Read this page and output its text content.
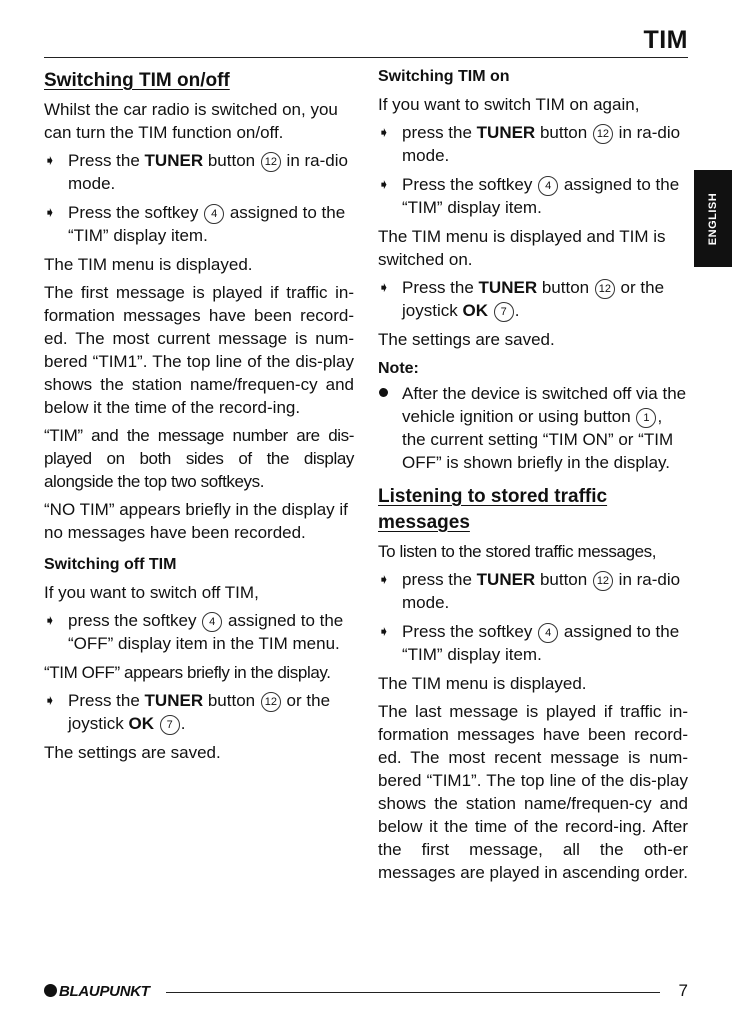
TIM
ENGLISH
Switching TIM on/off

Whilst the car radio is switched on, you can turn the TIM function on/off.

➧ Press the TUNER button 12 in ra-dio mode.
➧ Press the softkey 4 assigned to the “TIM” display item.

The TIM menu is displayed.

The first message is played if traffic in-formation messages have been record-ed. The most current message is num-bered “TIM1”. The top line of the dis-play shows the station name/frequen-cy and below it the time of the record-ing.

“TIM” and the message number are dis-played on both sides of the display alongside the top two softkeys.

“NO TIM” appears briefly in the display if no messages have been recorded.

Switching off TIM

If you want to switch off TIM,

➧ press the softkey 4 assigned to the “OFF” display item in the TIM menu.

“TIM OFF” appears briefly in the display.

➧ Press the TUNER button 12 or the joystick OK 7 .

The settings are saved.

Switching TIM on

If you want to switch TIM on again,

➧ press the TUNER button 12 in ra-dio mode.
➧ Press the softkey 4 assigned to the “TIM” display item.

The TIM menu is displayed and TIM is switched on.

➧ Press the TUNER button 12 or the joystick OK 7 .

The settings are saved.

Note:
After the device is switched off via the vehicle ignition or using button 1 , the current setting “TIM ON” or “TIM OFF” is shown briefly in the display.
Listening to stored traffic messages

To listen to the stored traffic messages,

➧ press the TUNER button 12 in ra-dio mode.
➧ Press the softkey 4 assigned to the “TIM” display item.

The TIM menu is displayed.

The last message is played if traffic in-formation messages have been record-ed. The most recent message is num-bered “TIM1”. The top line of the dis-play shows the station name/frequen-cy and below it the time of the record-ing. After the first message, all the oth-er messages are played in ascending order.

BLAUPUNKT	7
